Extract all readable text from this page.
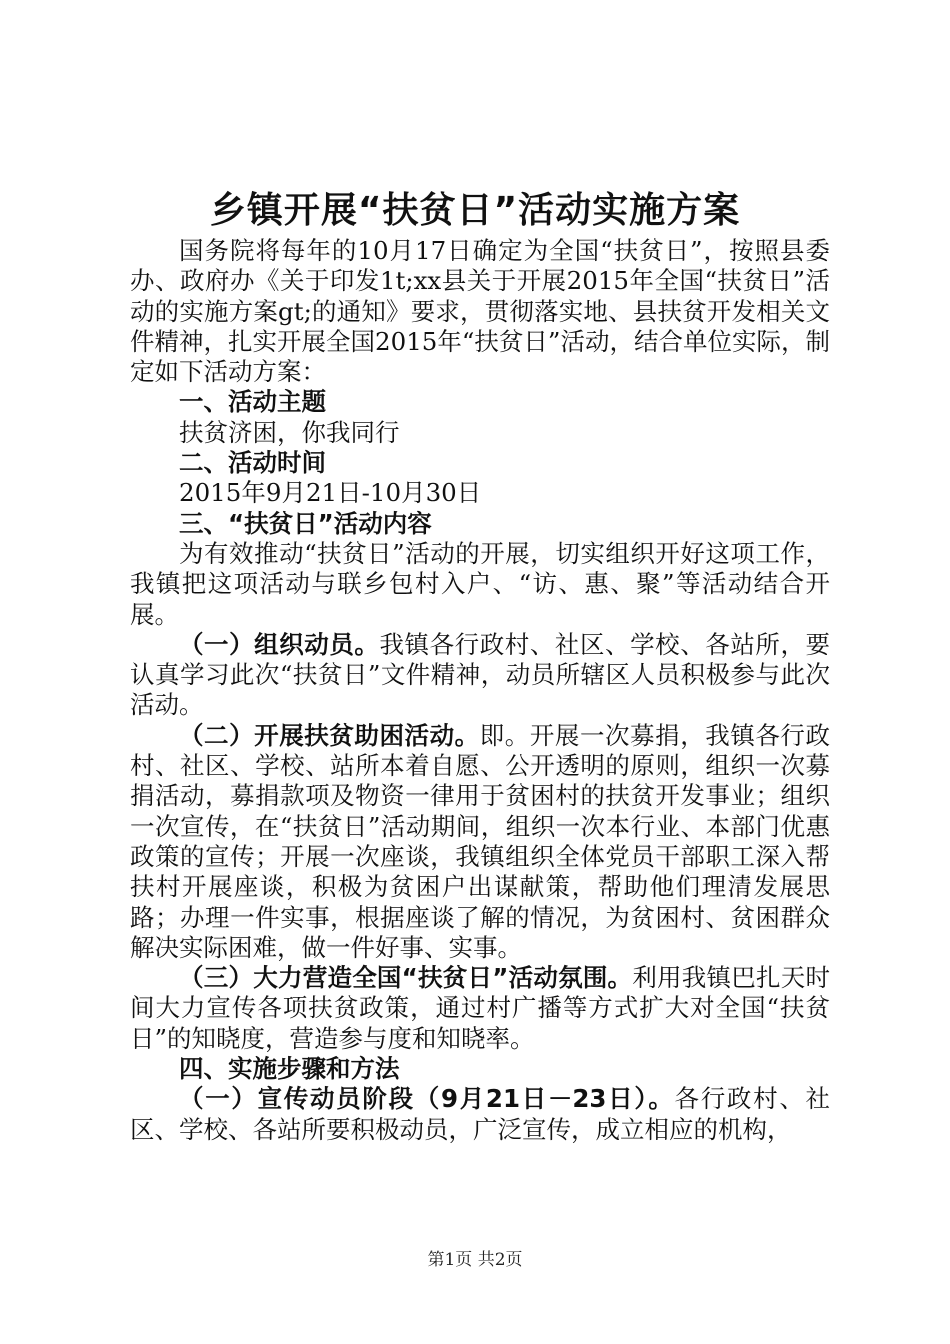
乡镇开展“扶贫日”活动实施方案

国务院将每年的10月17日确定为全国“扶贫日”，按照县委办、政府办《关于印发1t;xx县关于开展2015年全国“扶贫日”活动的实施方案gt;的通知》要求，贯彻落实地、县扶贫开发相关文件精神，扎实开展全国2015年“扶贫日”活动，结合单位实际，制定如下活动方案：

一、活动主题

扶贫济困，你我同行

二、活动时间

2015年9月21日-10月30日

三、“扶贫日”活动内容

为有效推动“扶贫日”活动的开展，切实组织开好这项工作，我镇把这项活动与联乡包村入户、“访、惠、聚”等活动结合开展。

（一）组织动员。我镇各行政村、社区、学校、各站所，要认真学习此次“扶贫日”文件精神，动员所辖区人员积极参与此次活动。

（二）开展扶贫助困活动。即。开展一次募捐，我镇各行政村、社区、学校、站所本着自愿、公开透明的原则，组织一次募捐活动，募捐款项及物资一律用于贫困村的扶贫开发事业；组织一次宣传，在“扶贫日”活动期间，组织一次本行业、本部门优惠政策的宣传；开展一次座谈，我镇组织全体党员干部职工深入帮扶村开展座谈，积极为贫困户出谋献策，帮助他们理清发展思路；办理一件实事，根据座谈了解的情况，为贫困村、贫困群众解决实际困难，做一件好事、实事。

（三）大力营造全国“扶贫日”活动氛围。利用我镇巴扎天时间大力宣传各项扶贫政策，通过村广播等方式扩大对全国“扶贫日”的知晓度，营造参与度和知晓率。

四、实施步骤和方法

（一）宣传动员阶段（9月21日－23日）。各行政村、社区、学校、各站所要积极动员，广泛宣传，成立相应的机构，

第1页 共2页
